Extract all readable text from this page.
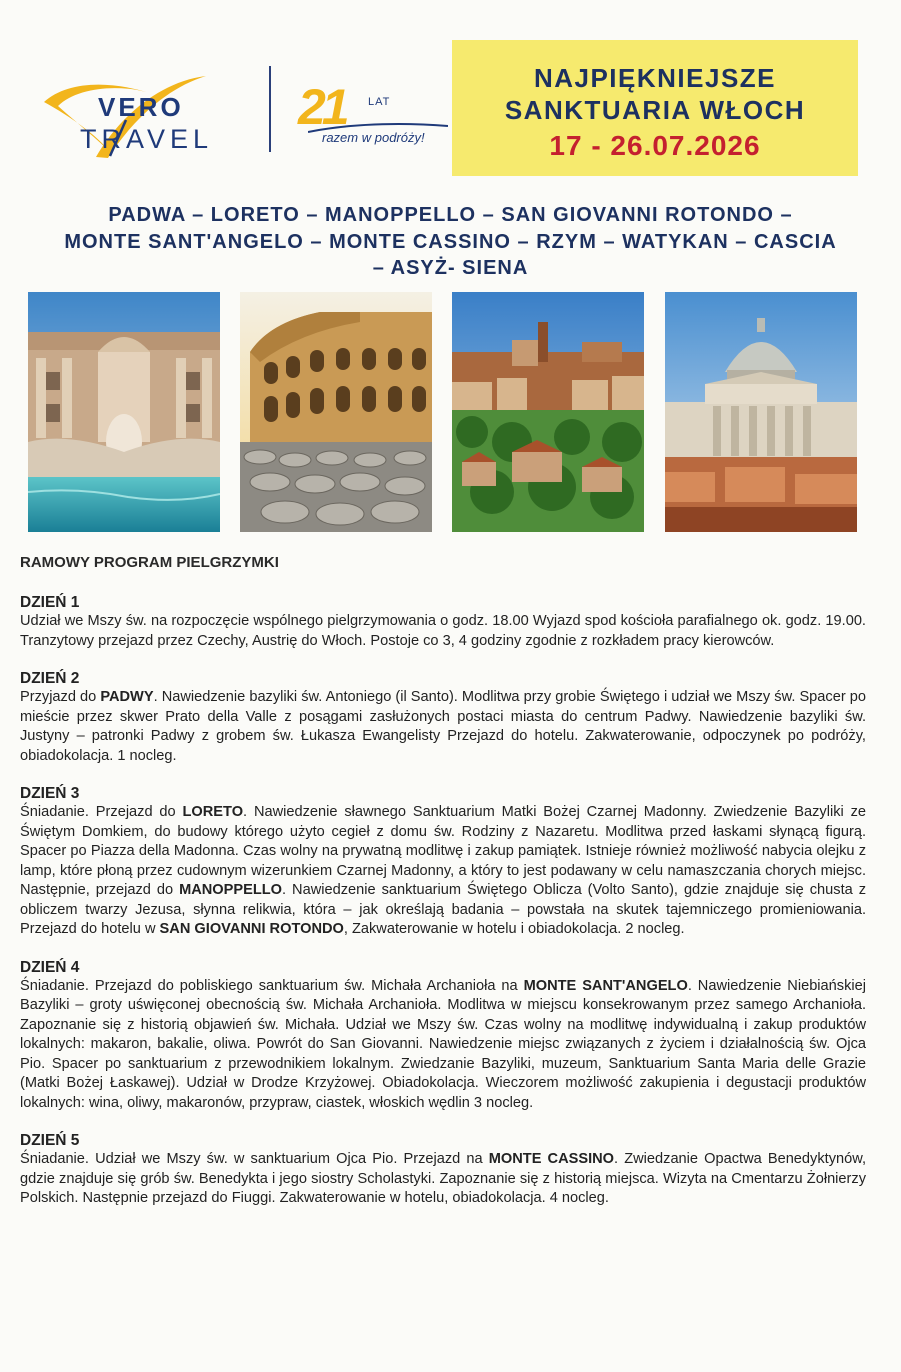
VERO
TRAVEL
21 LAT
razem w podróży!
NAJPIĘKNIEJSZE
SANKTUARIA WŁOCH
17 - 26.07.2026
PADWA – LORETO – MANOPPELLO – SAN GIOVANNI ROTONDO –
MONTE SANT'ANGELO – MONTE CASSINO – RZYM – WATYKAN – CASCIA
– ASYŻ- SIENA
RAMOWY PROGRAM PIELGRZYMKI
DZIEŃ 1
Udział we Mszy św. na rozpoczęcie wspólnego pielgrzymowania o godz. 18.00 Wyjazd spod kościoła parafialnego ok. godz. 19.00. Tranzytowy przejazd przez Czechy, Austrię do Włoch. Postoje co 3, 4 godziny zgodnie z rozkładem pracy kierowców.
DZIEŃ 2
Przyjazd do PADWY. Nawiedzenie bazyliki św. Antoniego (il Santo). Modlitwa przy grobie Świętego i udział we Mszy św. Spacer po mieście przez skwer Prato della Valle z posągami zasłużonych postaci miasta do centrum Padwy. Nawiedzenie bazyliki św. Justyny – patronki Padwy z grobem św. Łukasza Ewangelisty Przejazd do hotelu. Zakwaterowanie, odpoczynek po podróży, obiadokolacja. 1 nocleg.
DZIEŃ 3
Śniadanie. Przejazd do LORETO. Nawiedzenie sławnego Sanktuarium Matki Bożej Czarnej Madonny. Zwiedzenie Bazyliki ze Świętym Domkiem, do budowy którego użyto cegieł z domu św. Rodziny z Nazaretu. Modlitwa przed łaskami słynącą figurą. Spacer po Piazza della Madonna. Czas wolny na prywatną modlitwę i zakup pamiątek. Istnieje również możliwość nabycia olejku z lamp, które płoną przez cudownym wizerunkiem Czarnej Madonny, a który to jest podawany w celu namaszczania chorych miejsc. Następnie, przejazd do MANOPPELLO. Nawiedzenie sanktuarium Świętego Oblicza (Volto Santo), gdzie znajduje się chusta z obliczem twarzy Jezusa, słynna relikwia, która – jak określają badania – powstała na skutek tajemniczego promieniowania. Przejazd do hotelu w SAN GIOVANNI ROTONDO, Zakwaterowanie w hotelu i obiadokolacja. 2 nocleg.
DZIEŃ 4
Śniadanie. Przejazd do pobliskiego sanktuarium św. Michała Archanioła na MONTE SANT'ANGELO. Nawiedzenie Niebiańskiej Bazyliki – groty uświęconej obecnością św. Michała Archanioła. Modlitwa w miejscu konsekrowanym przez samego Archanioła. Zapoznanie się z historią objawień św. Michała. Udział we Mszy św. Czas wolny na modlitwę indywidualną i zakup produktów lokalnych: makaron, bakalie, oliwa. Powrót do San Giovanni. Nawiedzenie miejsc związanych z życiem i działalnością św. Ojca Pio. Spacer po sanktuarium z przewodnikiem lokalnym. Zwiedzanie Bazyliki, muzeum, Sanktuarium Santa Maria delle Grazie (Matki Bożej Łaskawej). Udział w Drodze Krzyżowej. Obiadokolacja. Wieczorem możliwość zakupienia i degustacji produktów lokalnych: wina, oliwy, makaronów, przypraw, ciastek, włoskich wędlin 3 nocleg.
DZIEŃ 5
Śniadanie. Udział we Mszy św. w sanktuarium Ojca Pio. Przejazd na MONTE CASSINO. Zwiedzanie Opactwa Benedyktynów, gdzie znajduje się grób św. Benedykta i jego siostry Scholastyki. Zapoznanie się z historią miejsca. Wizyta na Cmentarzu Żołnierzy Polskich. Następnie przejazd do Fiuggi. Zakwaterowanie w hotelu, obiadokolacja. 4 nocleg.
